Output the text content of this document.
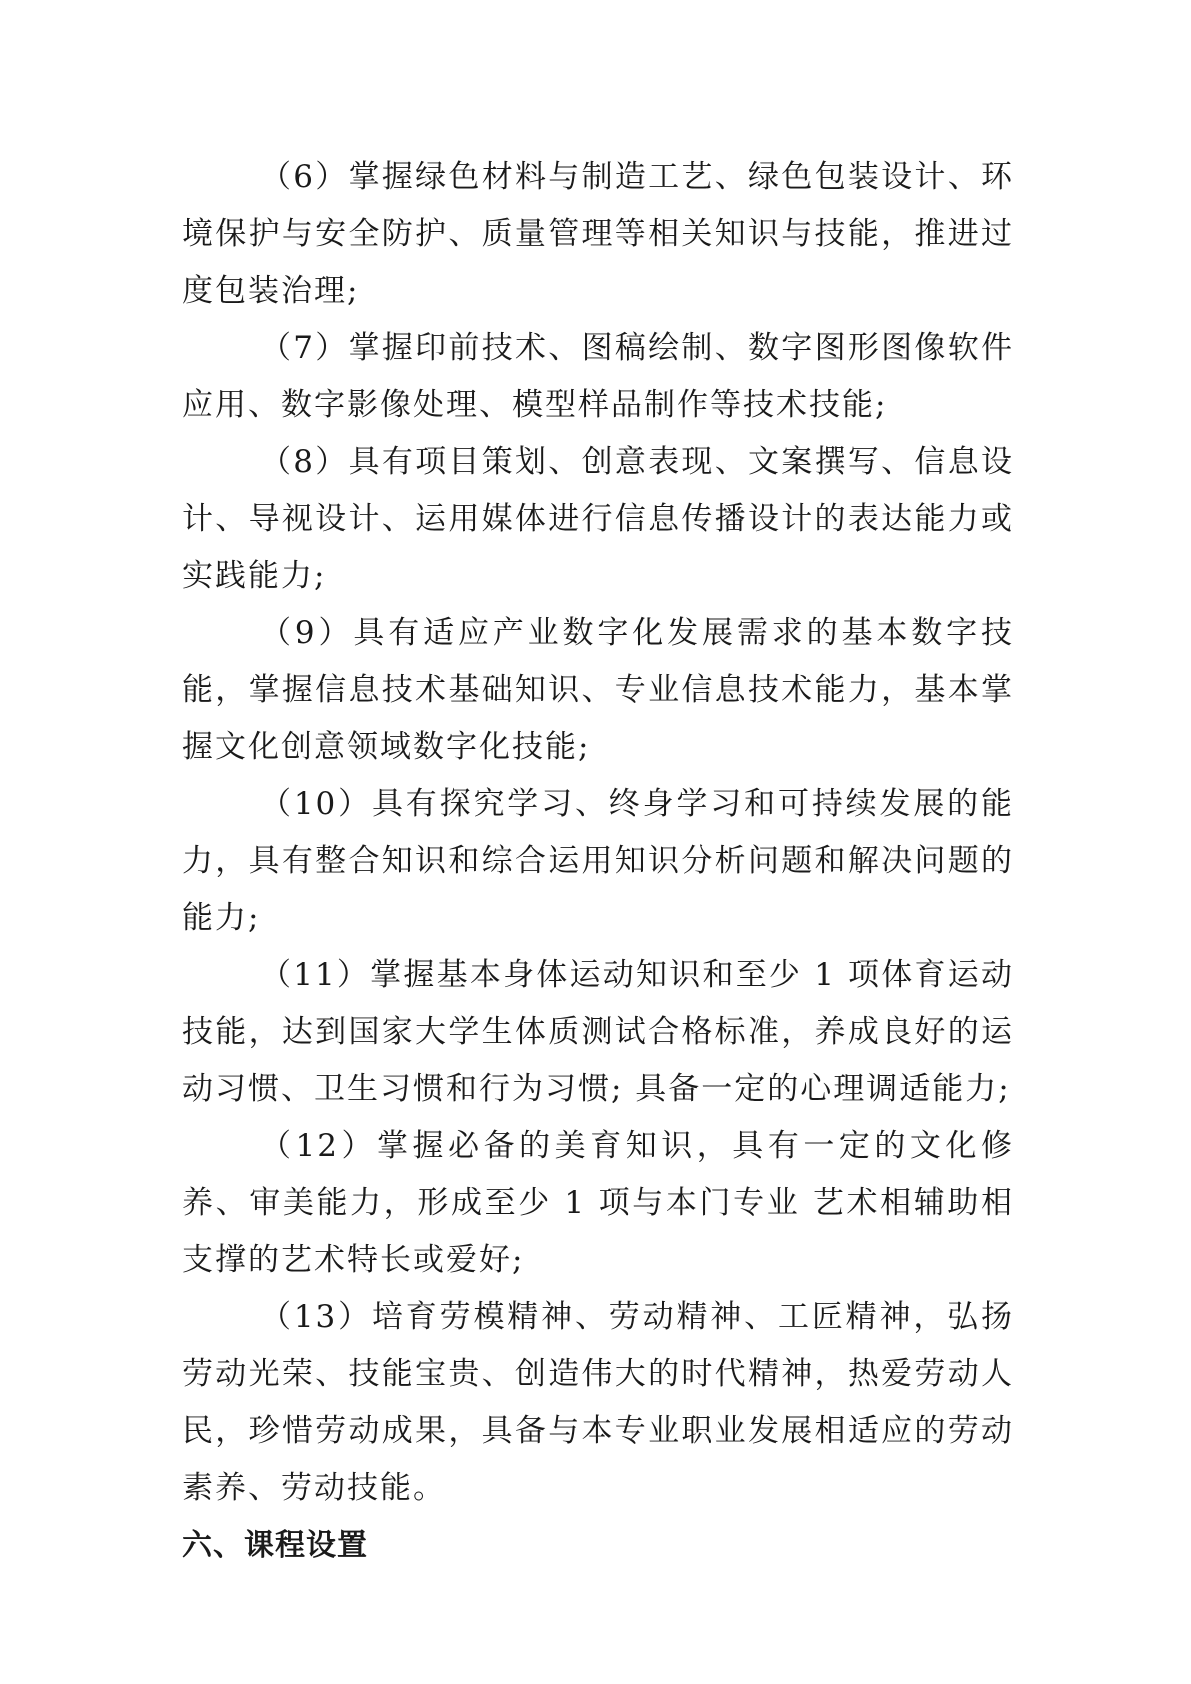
（6）掌握绿色材料与制造工艺、绿色包装设计、环境保护与安全防护、质量管理等相关知识与技能，推进过度包装治理;

（7）掌握印前技术、图稿绘制、数字图形图像软件应用、数字影像处理、模型样品制作等技术技能;

（8）具有项目策划、创意表现、文案撰写、信息设计、导视设计、运用媒体进行信息传播设计的表达能力或实践能力;

（9）具有适应产业数字化发展需求的基本数字技能，掌握信息技术基础知识、专业信息技术能力，基本掌握文化创意领域数字化技能;

（10）具有探究学习、终身学习和可持续发展的能力，具有整合知识和综合运用知识分析问题和解决问题的能力;

（11）掌握基本身体运动知识和至少 1 项体育运动技能，达到国家大学生体质测试合格标准，养成良好的运动习惯、卫生习惯和行为习惯; 具备一定的心理调适能力;

（12）掌握必备的美育知识，具有一定的文化修养、审美能力，形成至少 1 项与本门专业 艺术相辅助相支撑的艺术特长或爱好;

（13）培育劳模精神、劳动精神、工匠精神，弘扬劳动光荣、技能宝贵、创造伟大的时代精神，热爱劳动人民，珍惜劳动成果，具备与本专业职业发展相适应的劳动素养、劳动技能。

六、课程设置
